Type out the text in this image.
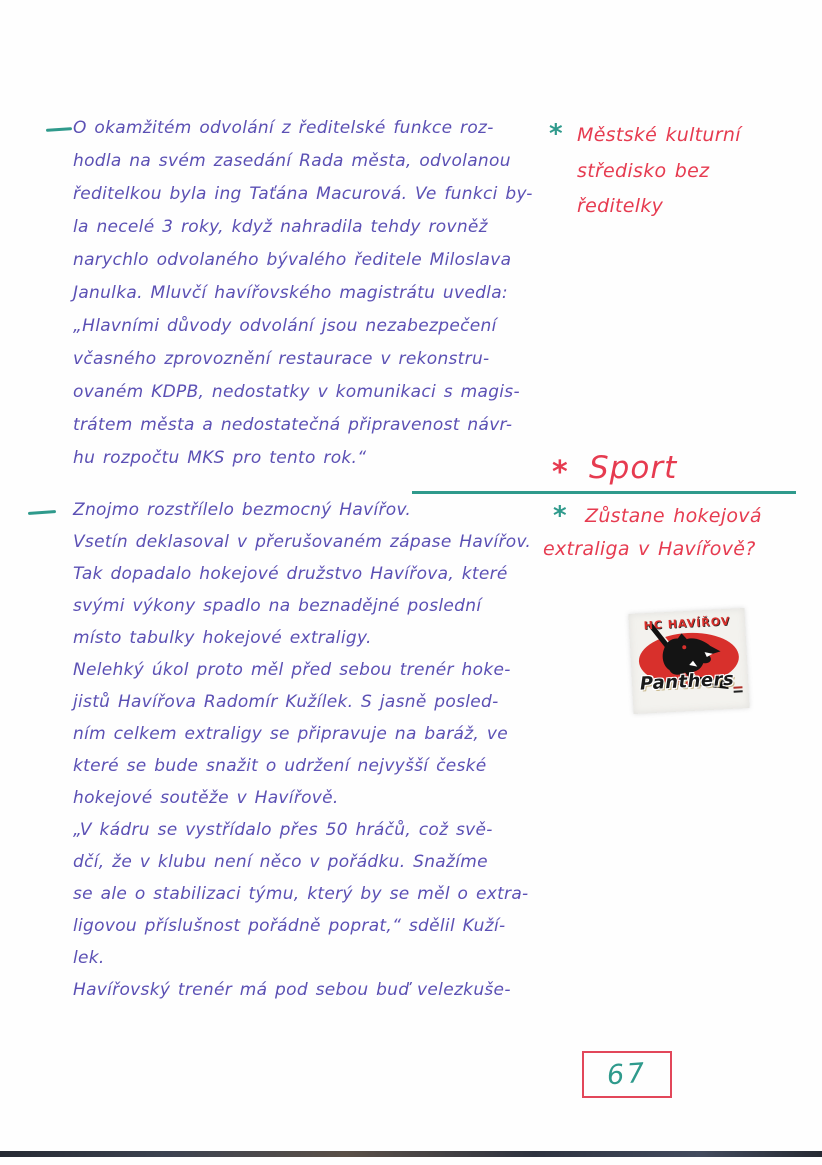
O okamžitém odvolání z ředitelské funkce roz-
hodla na svém zasedání Rada města, odvolanou
ředitelkou byla ing Taťána Macurová. Ve funkci by-
la necelé 3 roky, když nahradila tehdy rovněž
narychlo odvolaného bývalého ředitele Miloslava
Janulka. Mluvčí havířovského magistrátu uvedla:
„Hlavními důvody odvolání jsou nezabezpečení
včasného zprovoznění restaurace v rekonstru-
ovaném KDPB, nedostatky v komunikaci s magis-
trátem města a nedostatečná připravenost návr-
hu rozpočtu MKS pro tento rok.“
* Městské kulturní
středisko bez
ředitelky
* Sport
* Zůstane hokejová
extraliga v Havířově?
Znojmo rozstřílelo bezmocný Havířov.
Vsetín deklasoval v přerušovaném zápase Havířov.
Tak dopadalo hokejové družstvo Havířova, které
svými výkony spadlo na beznadějné poslední
místo tabulky hokejové extraligy.
Nelehký úkol proto měl před sebou trenér hoke-
jistů Havířova Radomír Kužílek. S jasně posled-
ním celkem extraligy se připravuje na baráž, ve
které se bude snažit o udržení nejvyšší české
hokejové soutěže v Havířově.
„V kádru se vystřídalo přes 50 hráčů, což svě-
dčí, že v klubu není něco v pořádku. Snažíme
se ale o stabilizaci týmu, který by se měl o extra-
ligovou příslušnost pořádně poprat,“ sdělil Kuží-
lek.
Havířovský trenér má pod sebou buď velezkuše-
HC HAVÍŘOV
Panthers
67
